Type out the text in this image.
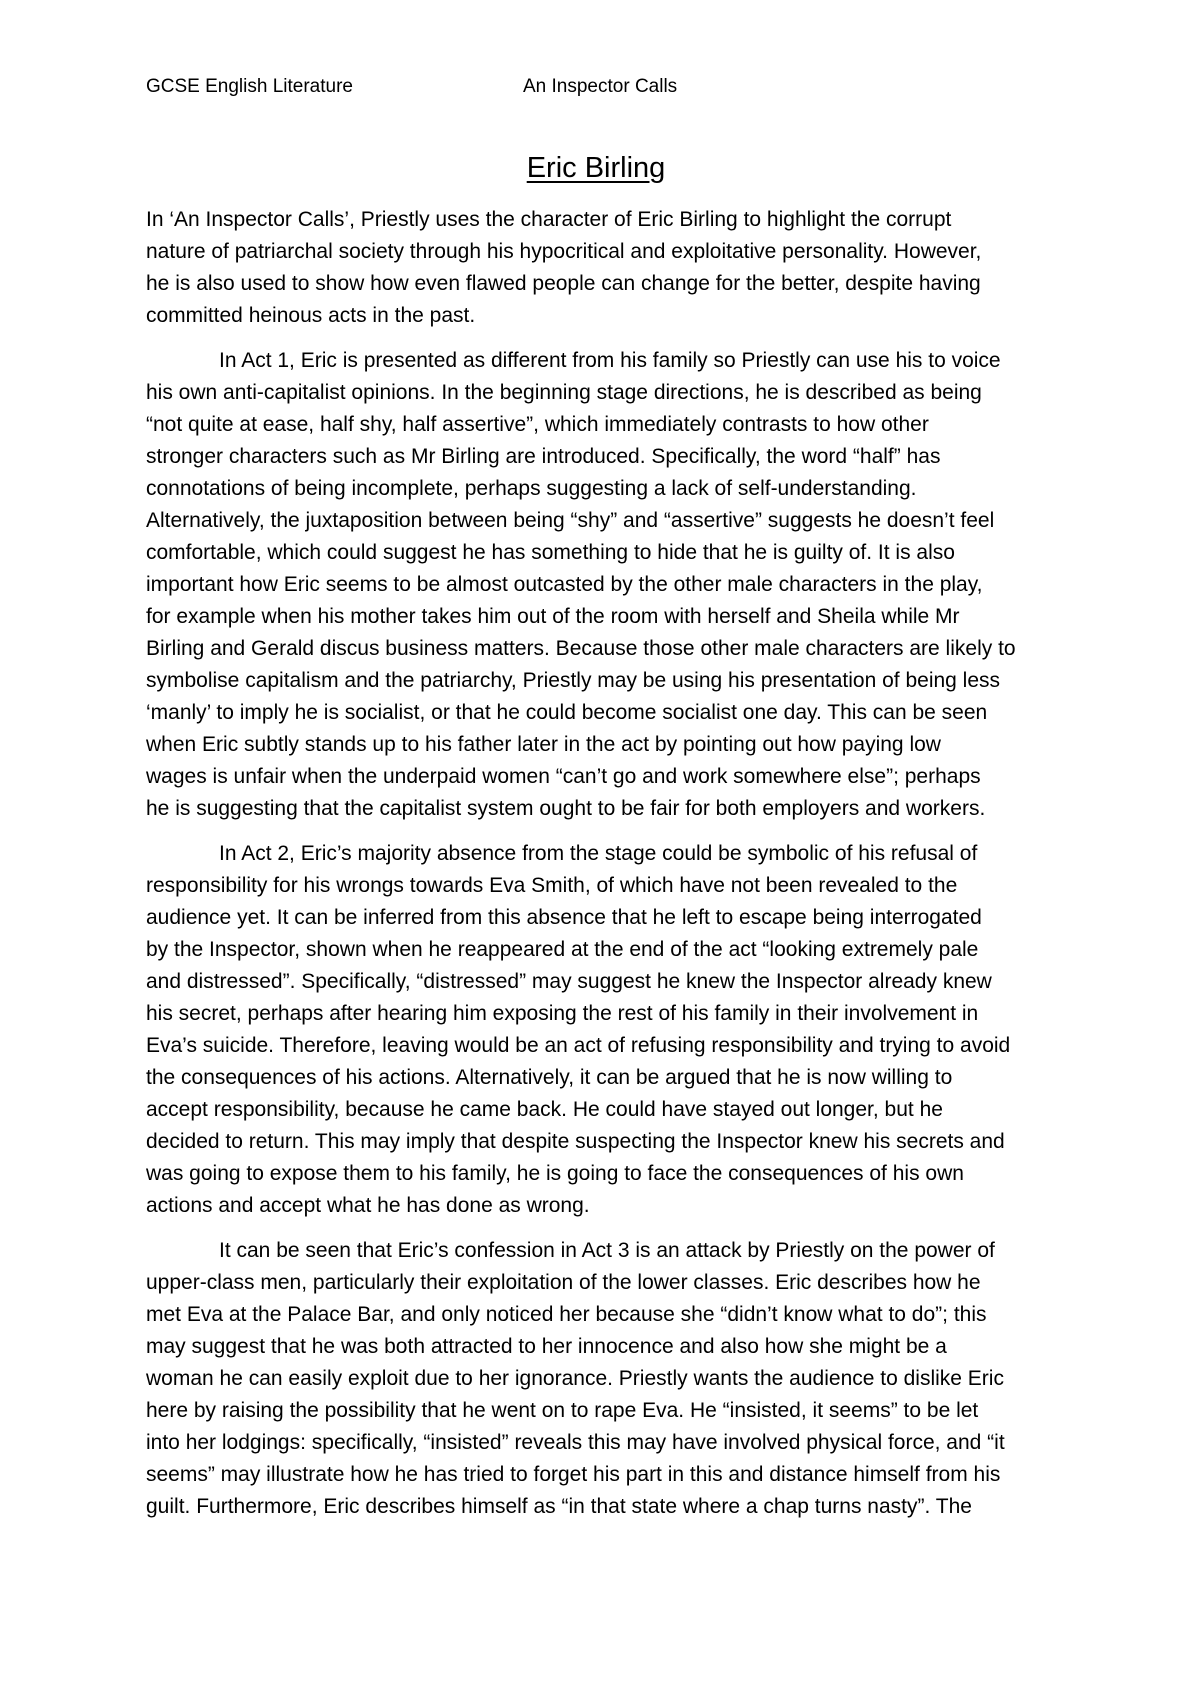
GCSE English Literature	An Inspector Calls
Eric Birling
In ‘An Inspector Calls’, Priestly uses the character of Eric Birling to highlight the corrupt
nature of patriarchal society through his hypocritical and exploitative personality. However,
he is also used to show how even flawed people can change for the better, despite having
committed heinous acts in the past.
In Act 1, Eric is presented as different from his family so Priestly can use his to voice
his own anti-capitalist opinions. In the beginning stage directions, he is described as being
“not quite at ease, half shy, half assertive”, which immediately contrasts to how other
stronger characters such as Mr Birling are introduced. Specifically, the word “half” has
connotations of being incomplete, perhaps suggesting a lack of self-understanding.
Alternatively, the juxtaposition between being “shy” and “assertive” suggests he doesn’t feel
comfortable, which could suggest he has something to hide that he is guilty of. It is also
important how Eric seems to be almost outcasted by the other male characters in the play,
for example when his mother takes him out of the room with herself and Sheila while Mr
Birling and Gerald discus business matters. Because those other male characters are likely to
symbolise capitalism and the patriarchy, Priestly may be using his presentation of being less
‘manly’ to imply he is socialist, or that he could become socialist one day. This can be seen
when Eric subtly stands up to his father later in the act by pointing out how paying low
wages is unfair when the underpaid women “can’t go and work somewhere else”; perhaps
he is suggesting that the capitalist system ought to be fair for both employers and workers.
In Act 2, Eric’s majority absence from the stage could be symbolic of his refusal of
responsibility for his wrongs towards Eva Smith, of which have not been revealed to the
audience yet. It can be inferred from this absence that he left to escape being interrogated
by the Inspector, shown when he reappeared at the end of the act “looking extremely pale
and distressed”. Specifically, “distressed” may suggest he knew the Inspector already knew
his secret, perhaps after hearing him exposing the rest of his family in their involvement in
Eva’s suicide. Therefore, leaving would be an act of refusing responsibility and trying to avoid
the consequences of his actions. Alternatively, it can be argued that he is now willing to
accept responsibility, because he came back. He could have stayed out longer, but he
decided to return. This may imply that despite suspecting the Inspector knew his secrets and
was going to expose them to his family, he is going to face the consequences of his own
actions and accept what he has done as wrong.
It can be seen that Eric’s confession in Act 3 is an attack by Priestly on the power of
upper-class men, particularly their exploitation of the lower classes. Eric describes how he
met Eva at the Palace Bar, and only noticed her because she “didn’t know what to do”; this
may suggest that he was both attracted to her innocence and also how she might be a
woman he can easily exploit due to her ignorance. Priestly wants the audience to dislike Eric
here by raising the possibility that he went on to rape Eva. He “insisted, it seems” to be let
into her lodgings: specifically, “insisted” reveals this may have involved physical force, and “it
seems” may illustrate how he has tried to forget his part in this and distance himself from his
guilt. Furthermore, Eric describes himself as “in that state where a chap turns nasty”. The
